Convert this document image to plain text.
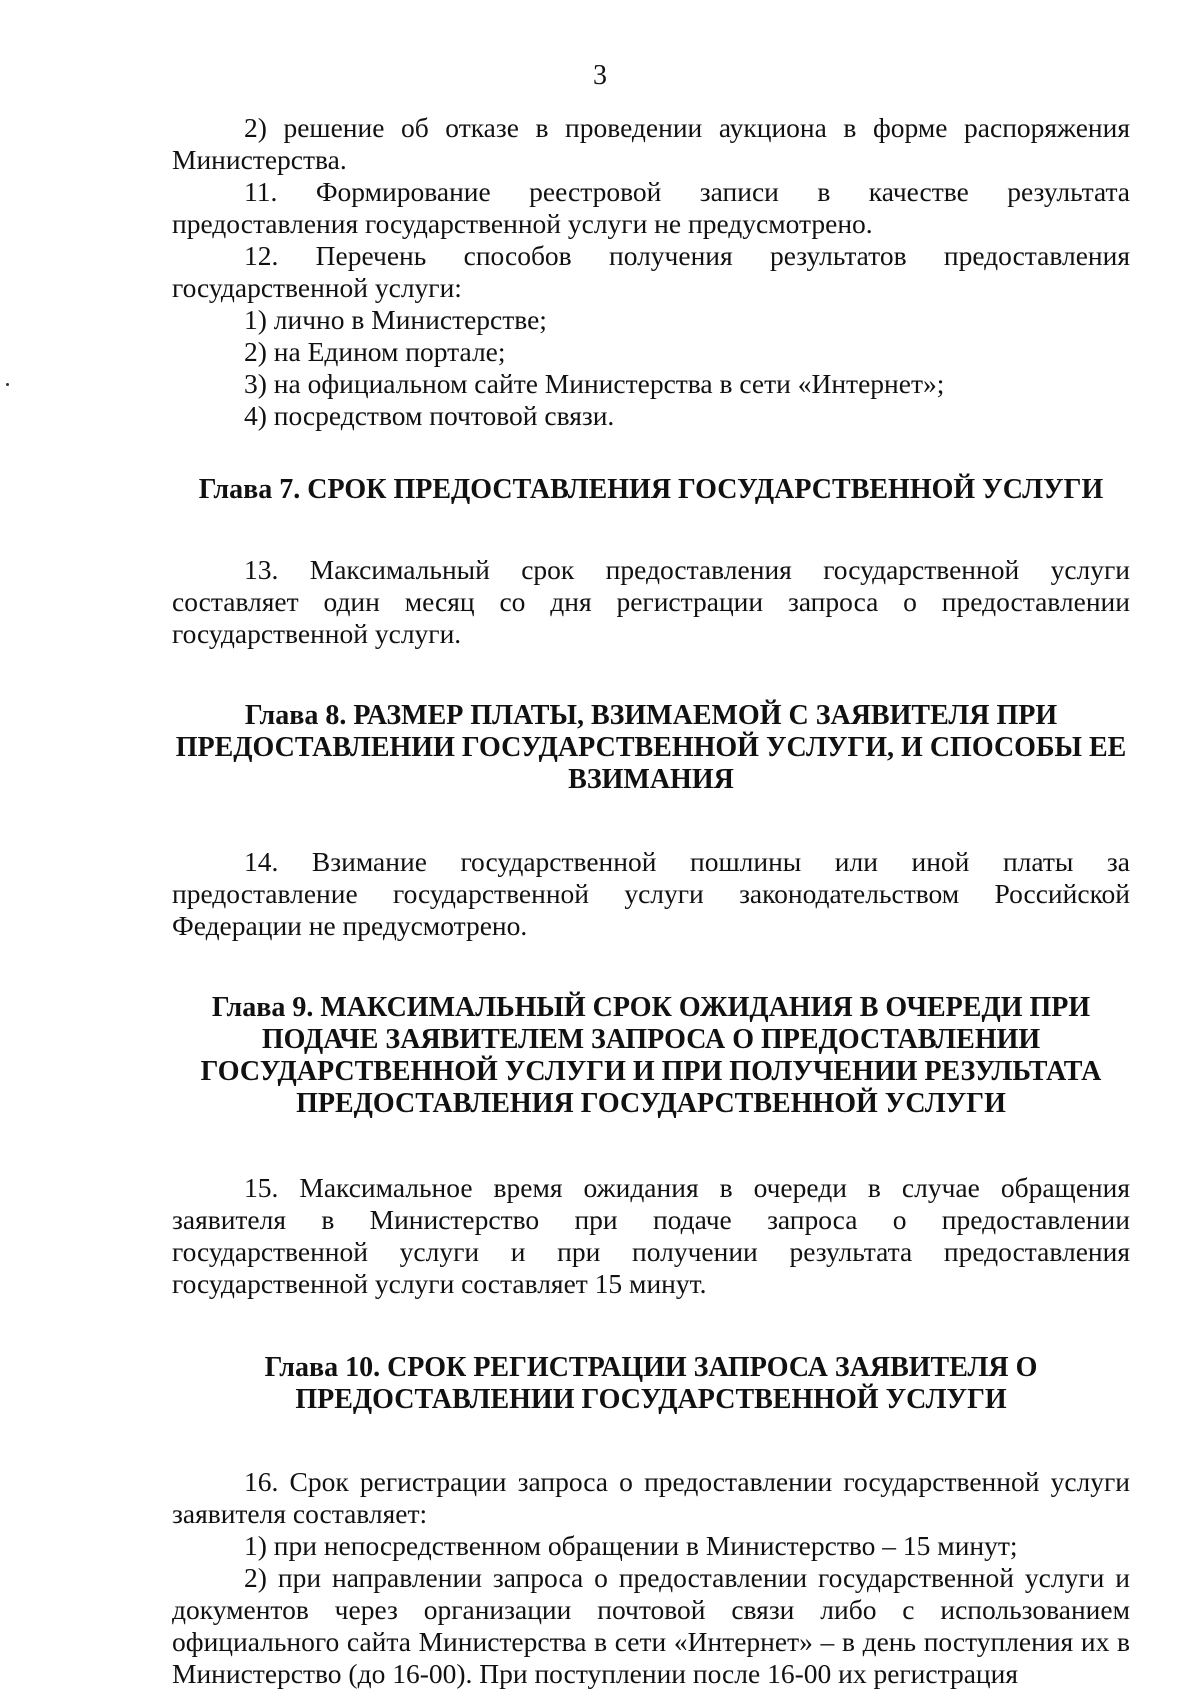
3

2) решение об отказе в проведении аукциона в форме распоряжения Министерства.

11. Формирование реестровой записи в качестве результата предоставления государственной услуги не предусмотрено.

12. Перечень способов получения результатов предоставления государственной услуги:

1) лично в Министерстве;

2) на Едином портале;

3) на официальном сайте Министерства в сети «Интернет»;

4) посредством почтовой связи.

Глава 7. СРОК ПРЕДОСТАВЛЕНИЯ ГОСУДАРСТВЕННОЙ УСЛУГИ

13. Максимальный срок предоставления государственной услуги составляет один месяц со дня регистрации запроса о предоставлении государственной услуги.

Глава 8. РАЗМЕР ПЛАТЫ, ВЗИМАЕМОЙ С ЗАЯВИТЕЛЯ ПРИ ПРЕДОСТАВЛЕНИИ ГОСУДАРСТВЕННОЙ УСЛУГИ, И СПОСОБЫ ЕЕ ВЗИМАНИЯ

14. Взимание государственной пошлины или иной платы за предоставление государственной услуги законодательством Российской Федерации не предусмотрено.

Глава 9. МАКСИМАЛЬНЫЙ СРОК ОЖИДАНИЯ В ОЧЕРЕДИ ПРИ ПОДАЧЕ ЗАЯВИТЕЛЕМ ЗАПРОСА О ПРЕДОСТАВЛЕНИИ ГОСУДАРСТВЕННОЙ УСЛУГИ И ПРИ ПОЛУЧЕНИИ РЕЗУЛЬТАТА ПРЕДОСТАВЛЕНИЯ ГОСУДАРСТВЕННОЙ УСЛУГИ

15. Максимальное время ожидания в очереди в случае обращения заявителя в Министерство при подаче запроса о предоставлении государственной услуги и при получении результата предоставления государственной услуги составляет 15 минут.

Глава 10. СРОК РЕГИСТРАЦИИ ЗАПРОСА ЗАЯВИТЕЛЯ О ПРЕДОСТАВЛЕНИИ ГОСУДАРСТВЕННОЙ УСЛУГИ

16. Срок регистрации запроса о предоставлении государственной услуги заявителя составляет:

1) при непосредственном обращении в Министерство – 15 минут;

2) при направлении запроса о предоставлении государственной услуги и документов через организации почтовой связи либо с использованием официального сайта Министерства в сети «Интернет» – в день поступления их в Министерство (до 16-00). При поступлении после 16-00 их регистрация
